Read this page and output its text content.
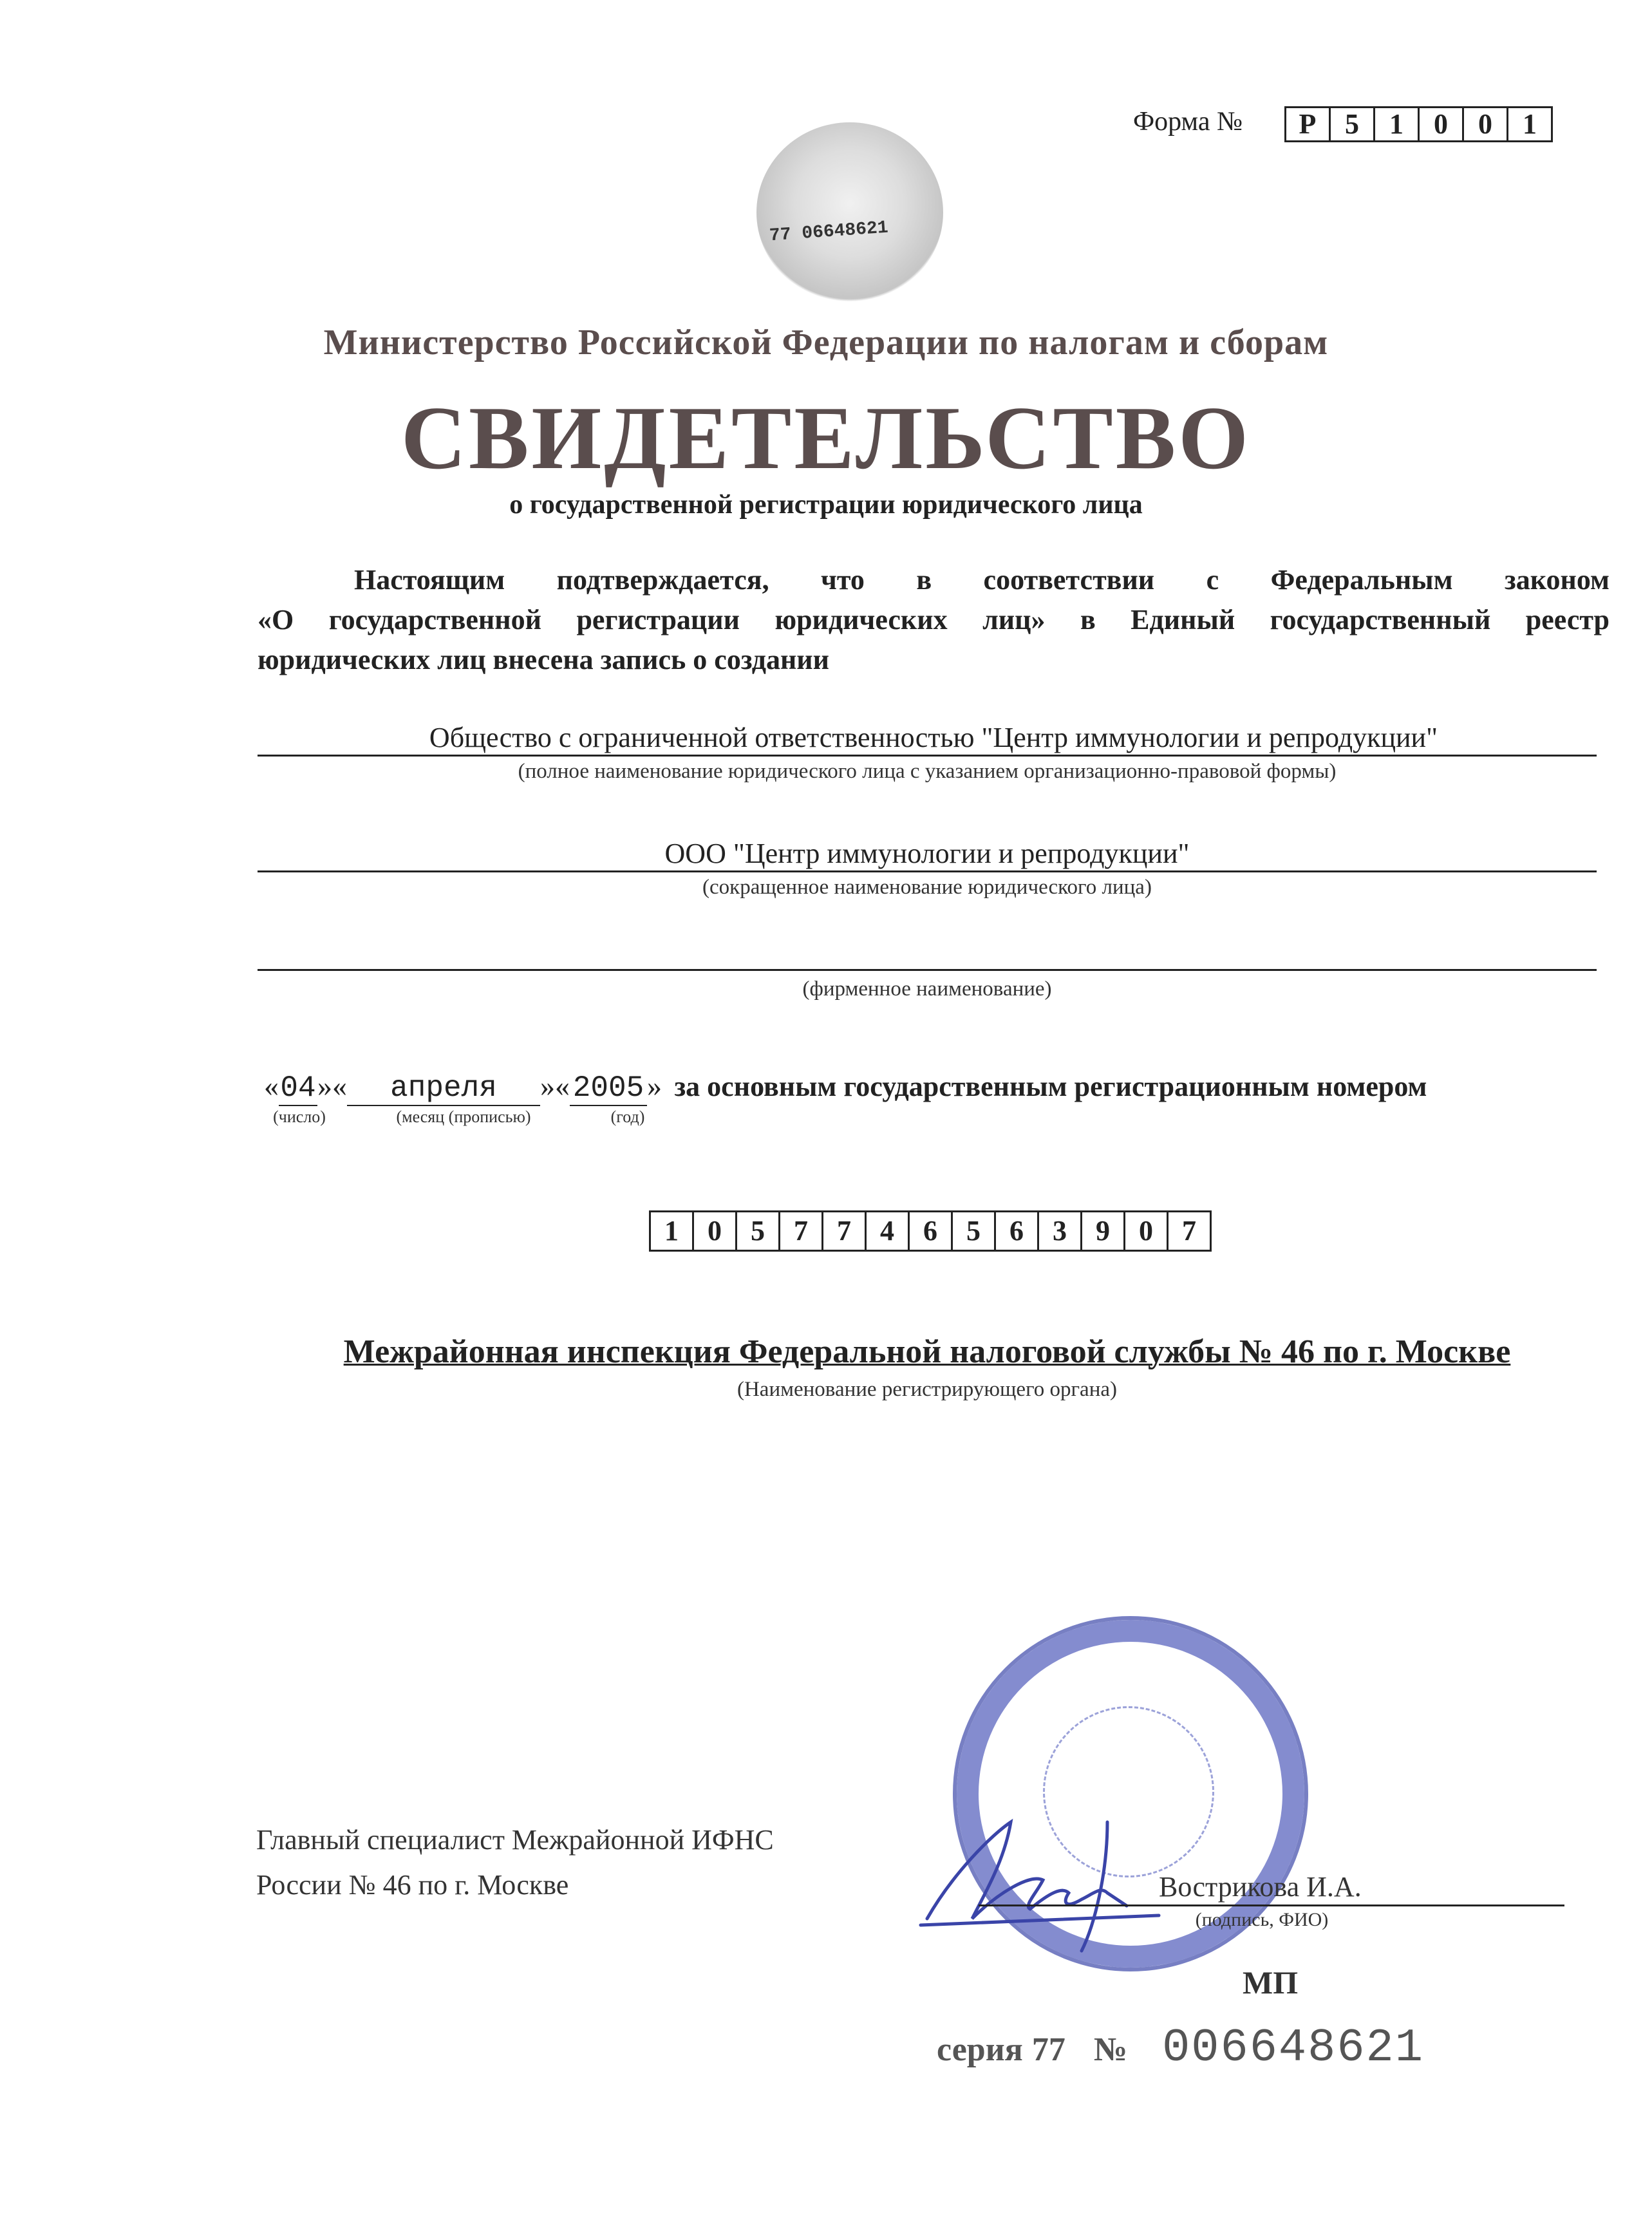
Форма №	Р	5	1	0	0	1
77 06648621
Министерство Российской Федерации по налогам и сборам
СВИДЕТЕЛЬСТВО
о государственной регистрации юридического лица
Настоящим подтверждается, что в соответствии с Федеральным законом
«О государственной регистрации юридических лиц» в Единый государственный реестр
юридических лиц внесена запись о создании
Общество с ограниченной ответственностью "Центр иммунологии и репродукции"
(полное наименование юридического лица с указанием организационно-правовой формы)
ООО "Центр иммунологии и репродукции"
(сокращенное наименование юридического лица)
(фирменное наименование)
«04»« апреля »« 2005 » за основным государственным регистрационным номером
(число)	(месяц (прописью)	(год)
1	0	5	7	7	4	6	5	6	3	9	0	7
Межрайонная инспекция Федеральной налоговой службы № 46 по г. Москве
(Наименование регистрирующего органа)
Главный специалист Межрайонной ИФНС
России № 46 по г. Москве	Вострикова И.А.
(подпись, ФИО)
МП
серия 77 № 006648621
